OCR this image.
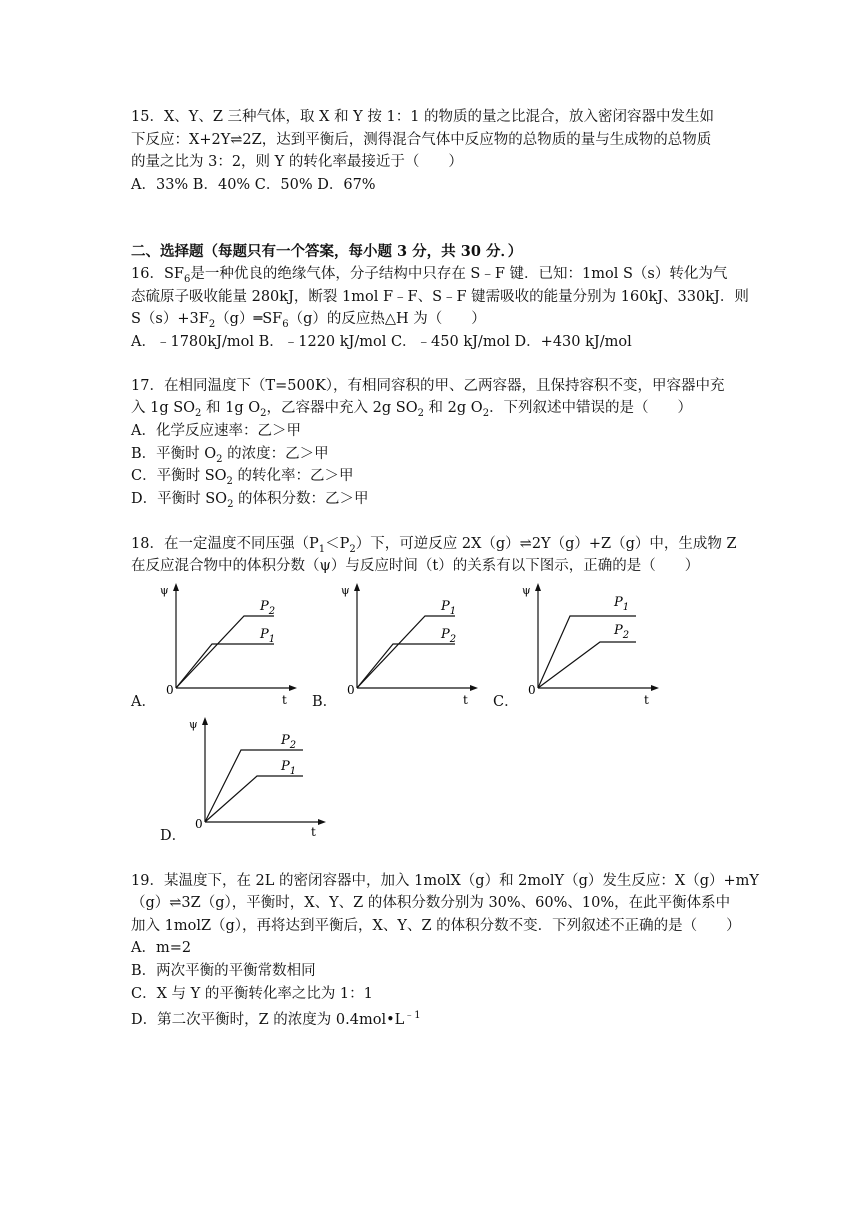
15．X、Y、Z 三种气体，取 X 和 Y 按 1：1 的物质的量之比混合，放入密闭容器中发生如
下反应：X+2Y⇌2Z，达到平衡后，测得混合气体中反应物的总物质的量与生成物的总物质
的量之比为 3：2，则 Y 的转化率最接近于（　　）
A．33% B．40% C．50% D．67%
二、选择题（每题只有一个答案，每小题 3 分，共 30 分．）
16．$SF_6$是一种优良的绝缘气体，分子结构中只存在 S﹣F 键．已知：1mol S（s）转化为气
态硫原子吸收能量 280kJ，断裂 1mol F﹣F、S﹣F 键需吸收的能量分别为 160kJ、330kJ．则
$S(s)+3F_2(g)═SF_6(g)$的反应热△H 为（　　）
A．﹣1780kJ/mol B．﹣1220 kJ/mol C．﹣450 kJ/mol D．+430 kJ/mol
17．在相同温度下（T=500K），有相同容积的甲、乙两容器，且保持容积不变，甲容器中充
入 1g $SO_2$ 和 1g $O_2$，乙容器中充入 2g $SO_2$ 和 2g $O_2$．下列叙述中错误的是（　　）
A．化学反应速率：乙＞甲
B．平衡时 $O_2$ 的浓度：乙＞甲
C．平衡时 $SO_2$ 的转化率：乙＞甲
D．平衡时 $SO_2$ 的体积分数：乙＞甲
18．在一定温度不同压强$(P_1<P_2)$下，可逆反应 2X（g）⇌2Y（g）+Z（g）中，生成物 Z
在反应混合物中的体积分数（ψ）与反应时间（t）的关系有以下图示，正确的是（　　）
A．
ψ
0
t
$P_2$
$P_1$
B．
ψ
0
t
$P_1$
$P_2$
C．
ψ
0
t
$P_1$
$P_2$
D．
ψ
0
t
$P_2$
$P_1$
19．某温度下，在 2L 的密闭容器中，加入 1molX（g）和 2molY（g）发生反应：X（g）+mY
（g）⇌3Z（g），平衡时，X、Y、Z 的体积分数分别为 30%、60%、10%，在此平衡体系中
加入 1molZ（g），再将达到平衡后，X、Y、Z 的体积分数不变．下列叙述不正确的是（　　）
A．m=2
B．两次平衡的平衡常数相同
C．X 与 Y 的平衡转化率之比为 1：1
D．第二次平衡时，Z 的浓度为 $0.4mol•L^{﹣1}$
